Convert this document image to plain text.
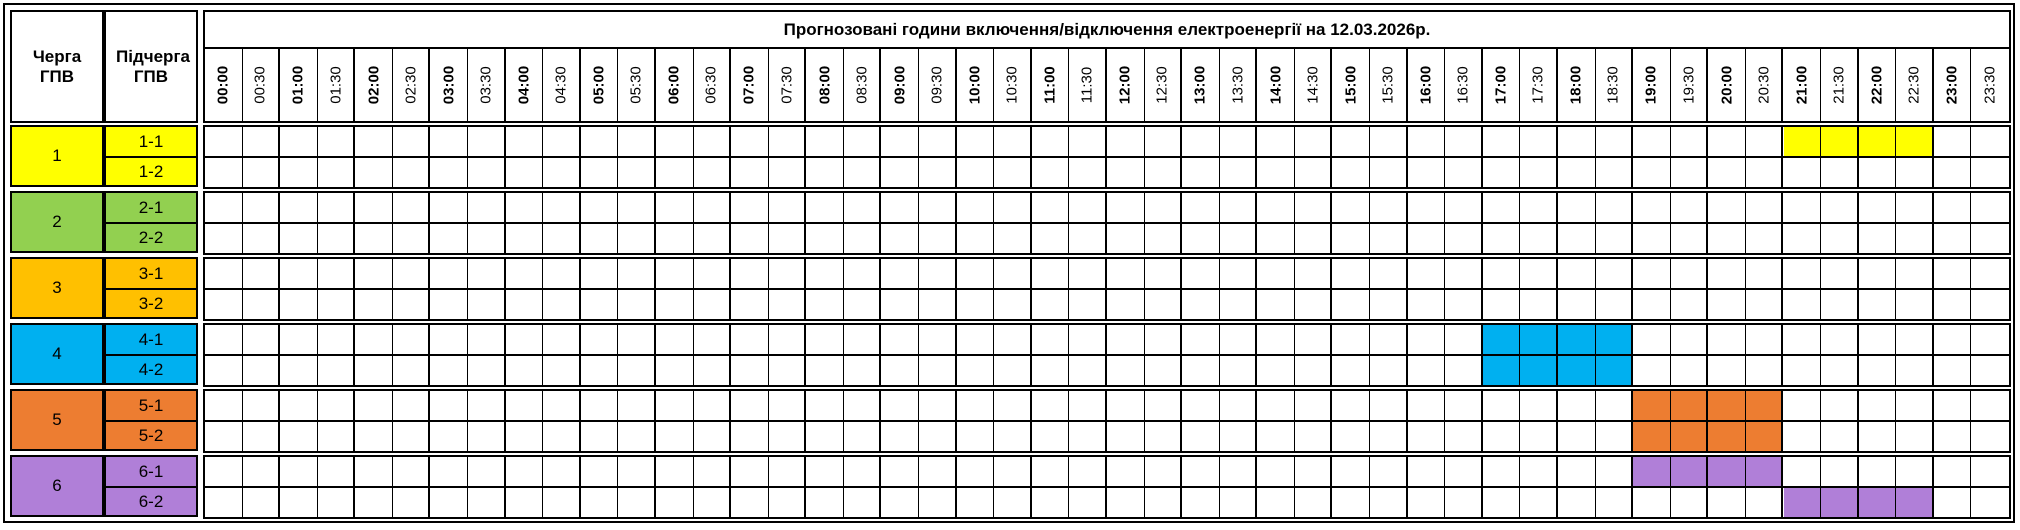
Черга ГПВ
Підчерга ГПВ
Прогнозовані години включення/відключення електроенергії на 12.03.2026р.
00:00 00:30 01:00 01:30 02:00 02:30 03:00 03:30 04:00 04:30 05:00 05:30 06:00 06:30 07:00 07:30 08:00 08:30 09:00 09:30 10:00 10:30 11:00 11:30 12:00 12:30 13:00 13:30 14:00 14:30 15:00 15:30 16:00 16:30 17:00 17:30 18:00 18:30 19:00 19:30 20:00 20:30 21:00 21:30 22:00 22:30 23:00 23:30
1
1-1
1-2
2
2-1
2-2
3
3-1
3-2
4
4-1
4-2
5
5-1
5-2
6
6-1
6-2
